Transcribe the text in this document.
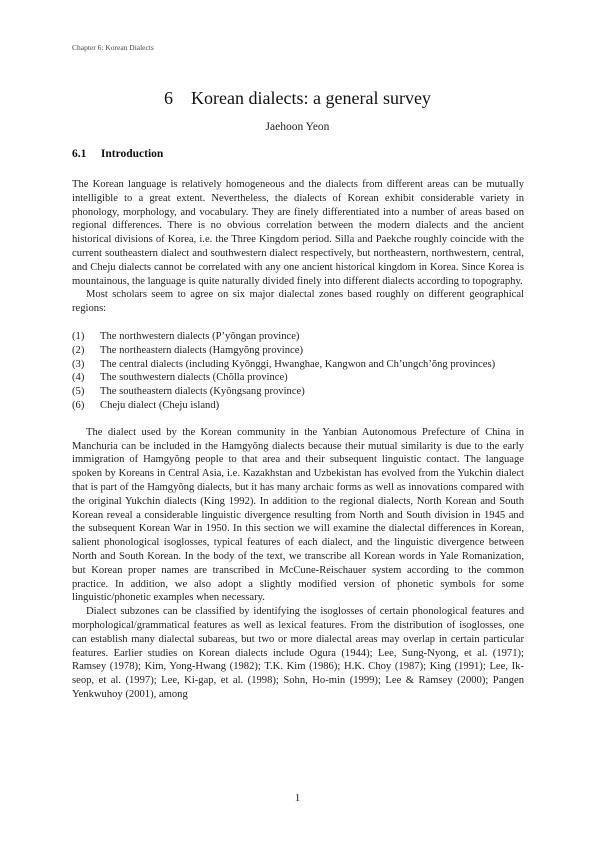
Chapter 6: Korean Dialects
6 Korean dialects: a general survey
Jaehoon Yeon
6.1 Introduction

The Korean language is relatively homogeneous and the dialects from different areas can be mutually intelligible to a great extent. Nevertheless, the dialects of Korean exhibit considerable variety in phonology, morphology, and vocabulary. They are finely differentiated into a number of areas based on regional differences. There is no obvious correlation between the modern dialects and the ancient historical divisions of Korea, i.e. the Three Kingdom period. Silla and Paekche roughly coincide with the current southeastern dialect and southwestern dialect respectively, but northeastern, northwestern, central, and Cheju dialects cannot be correlated with any one ancient historical kingdom in Korea. Since Korea is mountainous, the language is quite naturally divided finely into different dialects according to topography.

Most scholars seem to agree on six major dialectal zones based roughly on different geographical regions:

(1) The northwestern dialects (P’yŏngan province)
(2) The northeastern dialects (Hamgyŏng province)
(3) The central dialects (including Kyŏnggi, Hwanghae, Kangwon and Ch’ungch’ŏng provinces)
(4) The southwestern dialects (Chŏlla province)
(5) The southeastern dialects (Kyŏngsang province)
(6) Cheju dialect (Cheju island)

The dialect used by the Korean community in the Yanbian Autonomous Prefecture of China in Manchuria can be included in the Hamgyŏng dialects because their mutual similarity is due to the early immigration of Hamgyŏng people to that area and their subsequent linguistic contact. The language spoken by Koreans in Central Asia, i.e. Kazakhstan and Uzbekistan has evolved from the Yukchin dialect that is part of the Hamgyŏng dialects, but it has many archaic forms as well as innovations compared with the original Yukchin dialects (King 1992). In addition to the regional dialects, North Korean and South Korean reveal a considerable linguistic divergence resulting from North and South division in 1945 and the subsequent Korean War in 1950. In this section we will examine the dialectal differences in Korean, salient phonological isoglosses, typical features of each dialect, and the linguistic divergence between North and South Korean. In the body of the text, we transcribe all Korean words in Yale Romanization, but Korean proper names are transcribed in McCune-Reischauer system according to the common practice. In addition, we also adopt a slightly modified version of phonetic symbols for some linguistic/phonetic examples when necessary.

Dialect subzones can be classified by identifying the isoglosses of certain phonological features and morphological/grammatical features as well as lexical features. From the distribution of isoglosses, one can establish many dialectal subareas, but two or more dialectal areas may overlap in certain particular features. Earlier studies on Korean dialects include Ogura (1944); Lee, Sung-Nyong, et al. (1971); Ramsey (1978); Kim, Yong-Hwang (1982); T.K. Kim (1986); H.K. Choy (1987); King (1991); Lee, Ik-seop, et al. (1997); Lee, Ki-gap, et al. (1998); Sohn, Ho-min (1999); Lee & Ramsey (2000); Pangen Yenkwuhoy (2001), among

1
